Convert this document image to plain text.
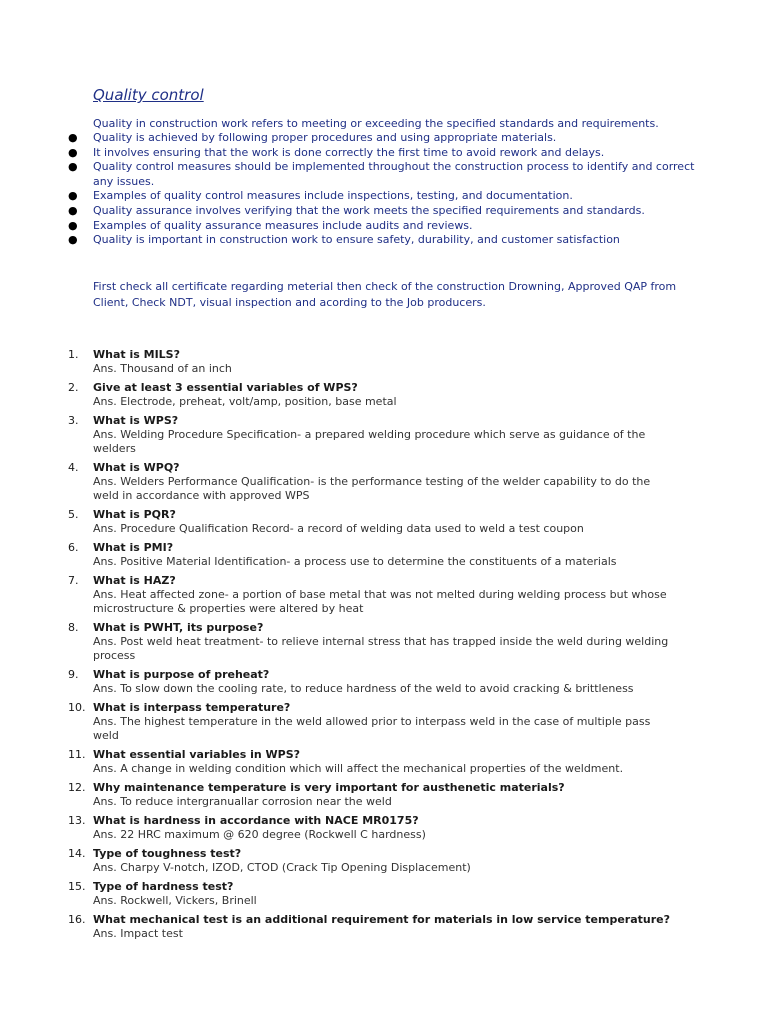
Quality control

Quality in construction work refers to meeting or exceeding the specified standards and requirements.

● Quality is achieved by following proper procedures and using appropriate materials.
● It involves ensuring that the work is done correctly the first time to avoid rework and delays.
● Quality control measures should be implemented throughout the construction process to identify and correct any issues.
● Examples of quality control measures include inspections, testing, and documentation.
● Quality assurance involves verifying that the work meets the specified requirements and standards.
● Examples of quality assurance measures include audits and reviews.
● Quality is important in construction work to ensure safety, durability, and customer satisfaction

First check all certificate regarding meterial then check of the construction Drowning, Approved QAP from Client, Check NDT, visual inspection and acording to the Job producers.

1.	What is MILS?
Ans. Thousand of an inch
2.	Give at least 3 essential variables of WPS?
Ans. Electrode, preheat, volt/amp, position, base metal
3.	What is WPS?
Ans. Welding Procedure Specification- a prepared welding procedure which serve as guidance of the welders
4.	What is WPQ?
Ans. Welders Performance Qualification- is the performance testing of the welder capability to do the weld in accordance with approved WPS
5.	What is PQR?
Ans. Procedure Qualification Record- a record of welding data used to weld a test coupon
6.	What is PMI?
Ans. Positive Material Identification- a process use to determine the constituents of a materials
7.	What is HAZ?
Ans. Heat affected zone- a portion of base metal that was not melted during welding process but whose microstructure & properties were altered by heat
8.	What is PWHT, its purpose?
Ans. Post weld heat treatment- to relieve internal stress that has trapped inside the weld during welding process
9.	What is purpose of preheat?
Ans. To slow down the cooling rate, to reduce hardness of the weld to avoid cracking & brittleness
10. What is interpass temperature?
Ans. The highest temperature in the weld allowed prior to interpass weld in the case of multiple pass weld
11. What essential variables in WPS?
Ans. A change in welding condition which will affect the mechanical properties of the weldment.
12. Why maintenance temperature is very important for austhenetic materials?
Ans. To reduce intergranuallar corrosion near the weld
13. What is hardness in accordance with NACE MR0175?
Ans. 22 HRC maximum @ 620 degree (Rockwell C hardness)
14. Type of toughness test?
Ans. Charpy V-notch, IZOD, CTOD (Crack Tip Opening Displacement)
15. Type of hardness test?
Ans. Rockwell, Vickers, Brinell
16. What mechanical test is an additional requirement for materials in low service temperature?
Ans. Impact test
